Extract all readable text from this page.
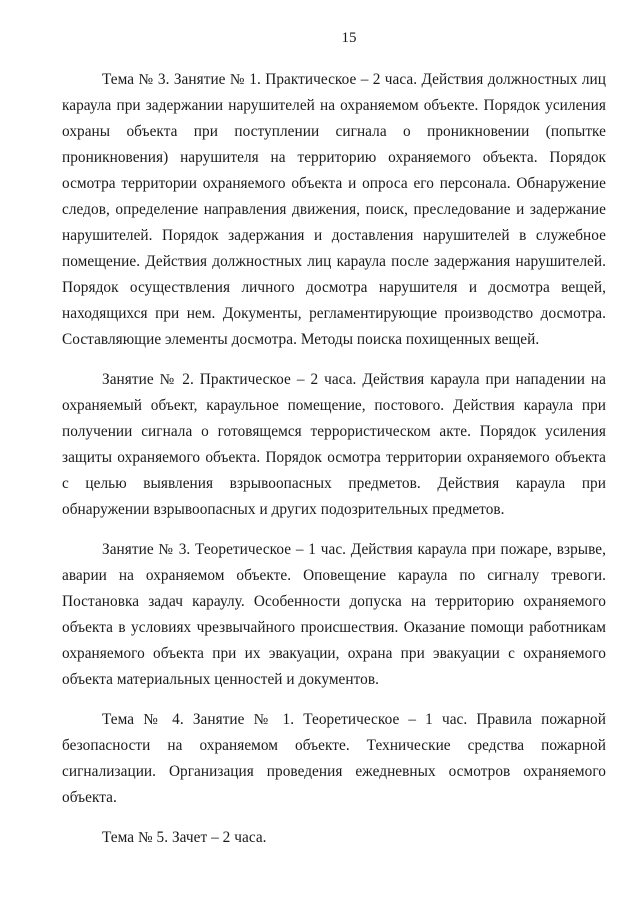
15

Тема № 3. Занятие № 1. Практическое – 2 часа. Действия должностных лиц караула при задержании нарушителей на охраняемом объекте. Порядок усиления охраны объекта при поступлении сигнала о проникновении (попытке проникновения) нарушителя на территорию охраняемого объекта. Порядок осмотра территории охраняемого объекта и опроса его персонала. Обнаружение следов, определение направления движения, поиск, преследование и задержание нарушителей. Порядок задержания и доставления нарушителей в служебное помещение. Действия должностных лиц караула после задержания нарушителей. Порядок осуществления личного досмотра нарушителя и досмотра вещей, находящихся при нем. Документы, регламентирующие производство досмотра. Составляющие элементы досмотра. Методы поиска похищенных вещей.

Занятие № 2. Практическое – 2 часа. Действия караула при нападении на охраняемый объект, караульное помещение, постового. Действия караула при получении сигнала о готовящемся террористическом акте. Порядок усиления защиты охраняемого объекта. Порядок осмотра территории охраняемого объекта с целью выявления взрывоопасных предметов. Действия караула при обнаружении взрывоопасных и других подозрительных предметов.

Занятие № 3. Теоретическое – 1 час. Действия караула при пожаре, взрыве, аварии на охраняемом объекте. Оповещение караула по сигналу тревоги. Постановка задач караулу. Особенности допуска на территорию охраняемого объекта в условиях чрезвычайного происшествия. Оказание помощи работникам охраняемого объекта при их эвакуации, охрана при эвакуации с охраняемого объекта материальных ценностей и документов.

Тема № 4. Занятие № 1. Теоретическое – 1 час. Правила пожарной безопасности на охраняемом объекте. Технические средства пожарной сигнализации. Организация проведения ежедневных осмотров охраняемого объекта.

Тема № 5. Зачет – 2 часа.
